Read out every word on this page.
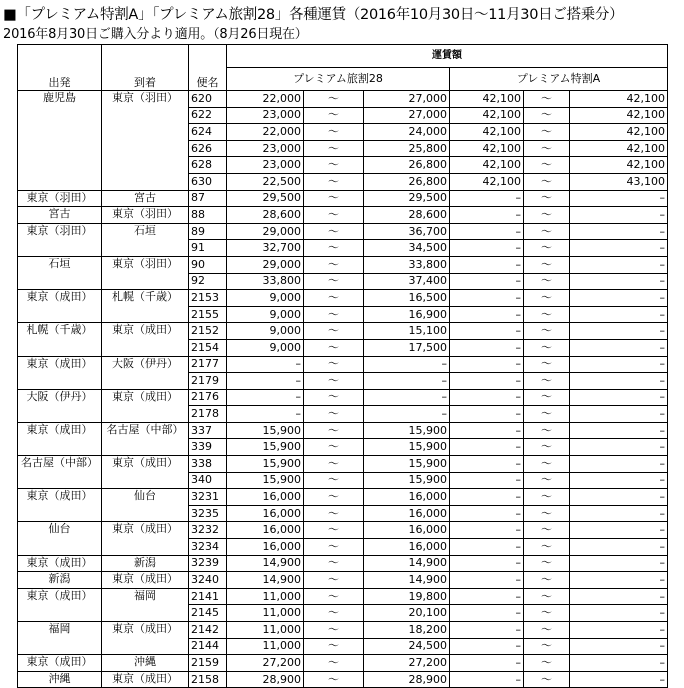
■「プレミアム特割A」「プレミアム旅割28」各種運賃（2016年10月30日～11月30日ご搭乗分）
2016年8月30日ご購入分より適用。（8月26日現在）
出発	到着	便名	運賃額					
			プレミアム旅割28			プレミアム特割A		
鹿児島	東京（羽田）	620	22,000	～	27,000	42,100	～	42,100
		622	23,000	～	27,000	42,100	～	42,100
		624	22,000	～	24,000	42,100	～	42,100
		626	23,000	～	25,800	42,100	～	42,100
		628	23,000	～	26,800	42,100	～	42,100
		630	22,500	～	26,800	42,100	～	43,100
東京（羽田）	宮古	87	29,500	～	29,500	–	～	–
宮古	東京（羽田）	88	28,600	～	28,600	–	～	–
東京（羽田）	石垣	89	29,000	～	36,700	–	～	–
		91	32,700	～	34,500	–	～	–
石垣	東京（羽田）	90	29,000	～	33,800	–	～	–
		92	33,800	～	37,400	–	～	–
東京（成田）	札幌（千歳）	2153	9,000	～	16,500	–	～	–
		2155	9,000	～	16,900	–	～	–
札幌（千歳）	東京（成田）	2152	9,000	～	15,100	–	～	–
		2154	9,000	～	17,500	–	～	–
東京（成田）	大阪（伊丹）	2177	–	～	–	–	～	–
		2179	–	～	–	–	～	–
大阪（伊丹）	東京（成田）	2176	–	～	–	–	～	–
		2178	–	～	–	–	～	–
東京（成田）	名古屋（中部）	337	15,900	～	15,900	–	～	–
		339	15,900	～	15,900	–	～	–
名古屋（中部）	東京（成田）	338	15,900	～	15,900	–	～	–
		340	15,900	～	15,900	–	～	–
東京（成田）	仙台	3231	16,000	～	16,000	–	～	–
		3235	16,000	～	16,000	–	～	–
仙台	東京（成田）	3232	16,000	～	16,000	–	～	–
		3234	16,000	～	16,000	–	～	–
東京（成田）	新潟	3239	14,900	～	14,900	–	～	–
新潟	東京（成田）	3240	14,900	～	14,900	–	～	–
東京（成田）	福岡	2141	11,000	～	19,800	–	～	–
		2145	11,000	～	20,100	–	～	–
福岡	東京（成田）	2142	11,000	～	18,200	–	～	–
		2144	11,000	～	24,500	–	～	–
東京（成田）	沖縄	2159	27,200	～	27,200	–	～	–
沖縄	東京（成田）	2158	28,900	～	28,900	–	～	–
